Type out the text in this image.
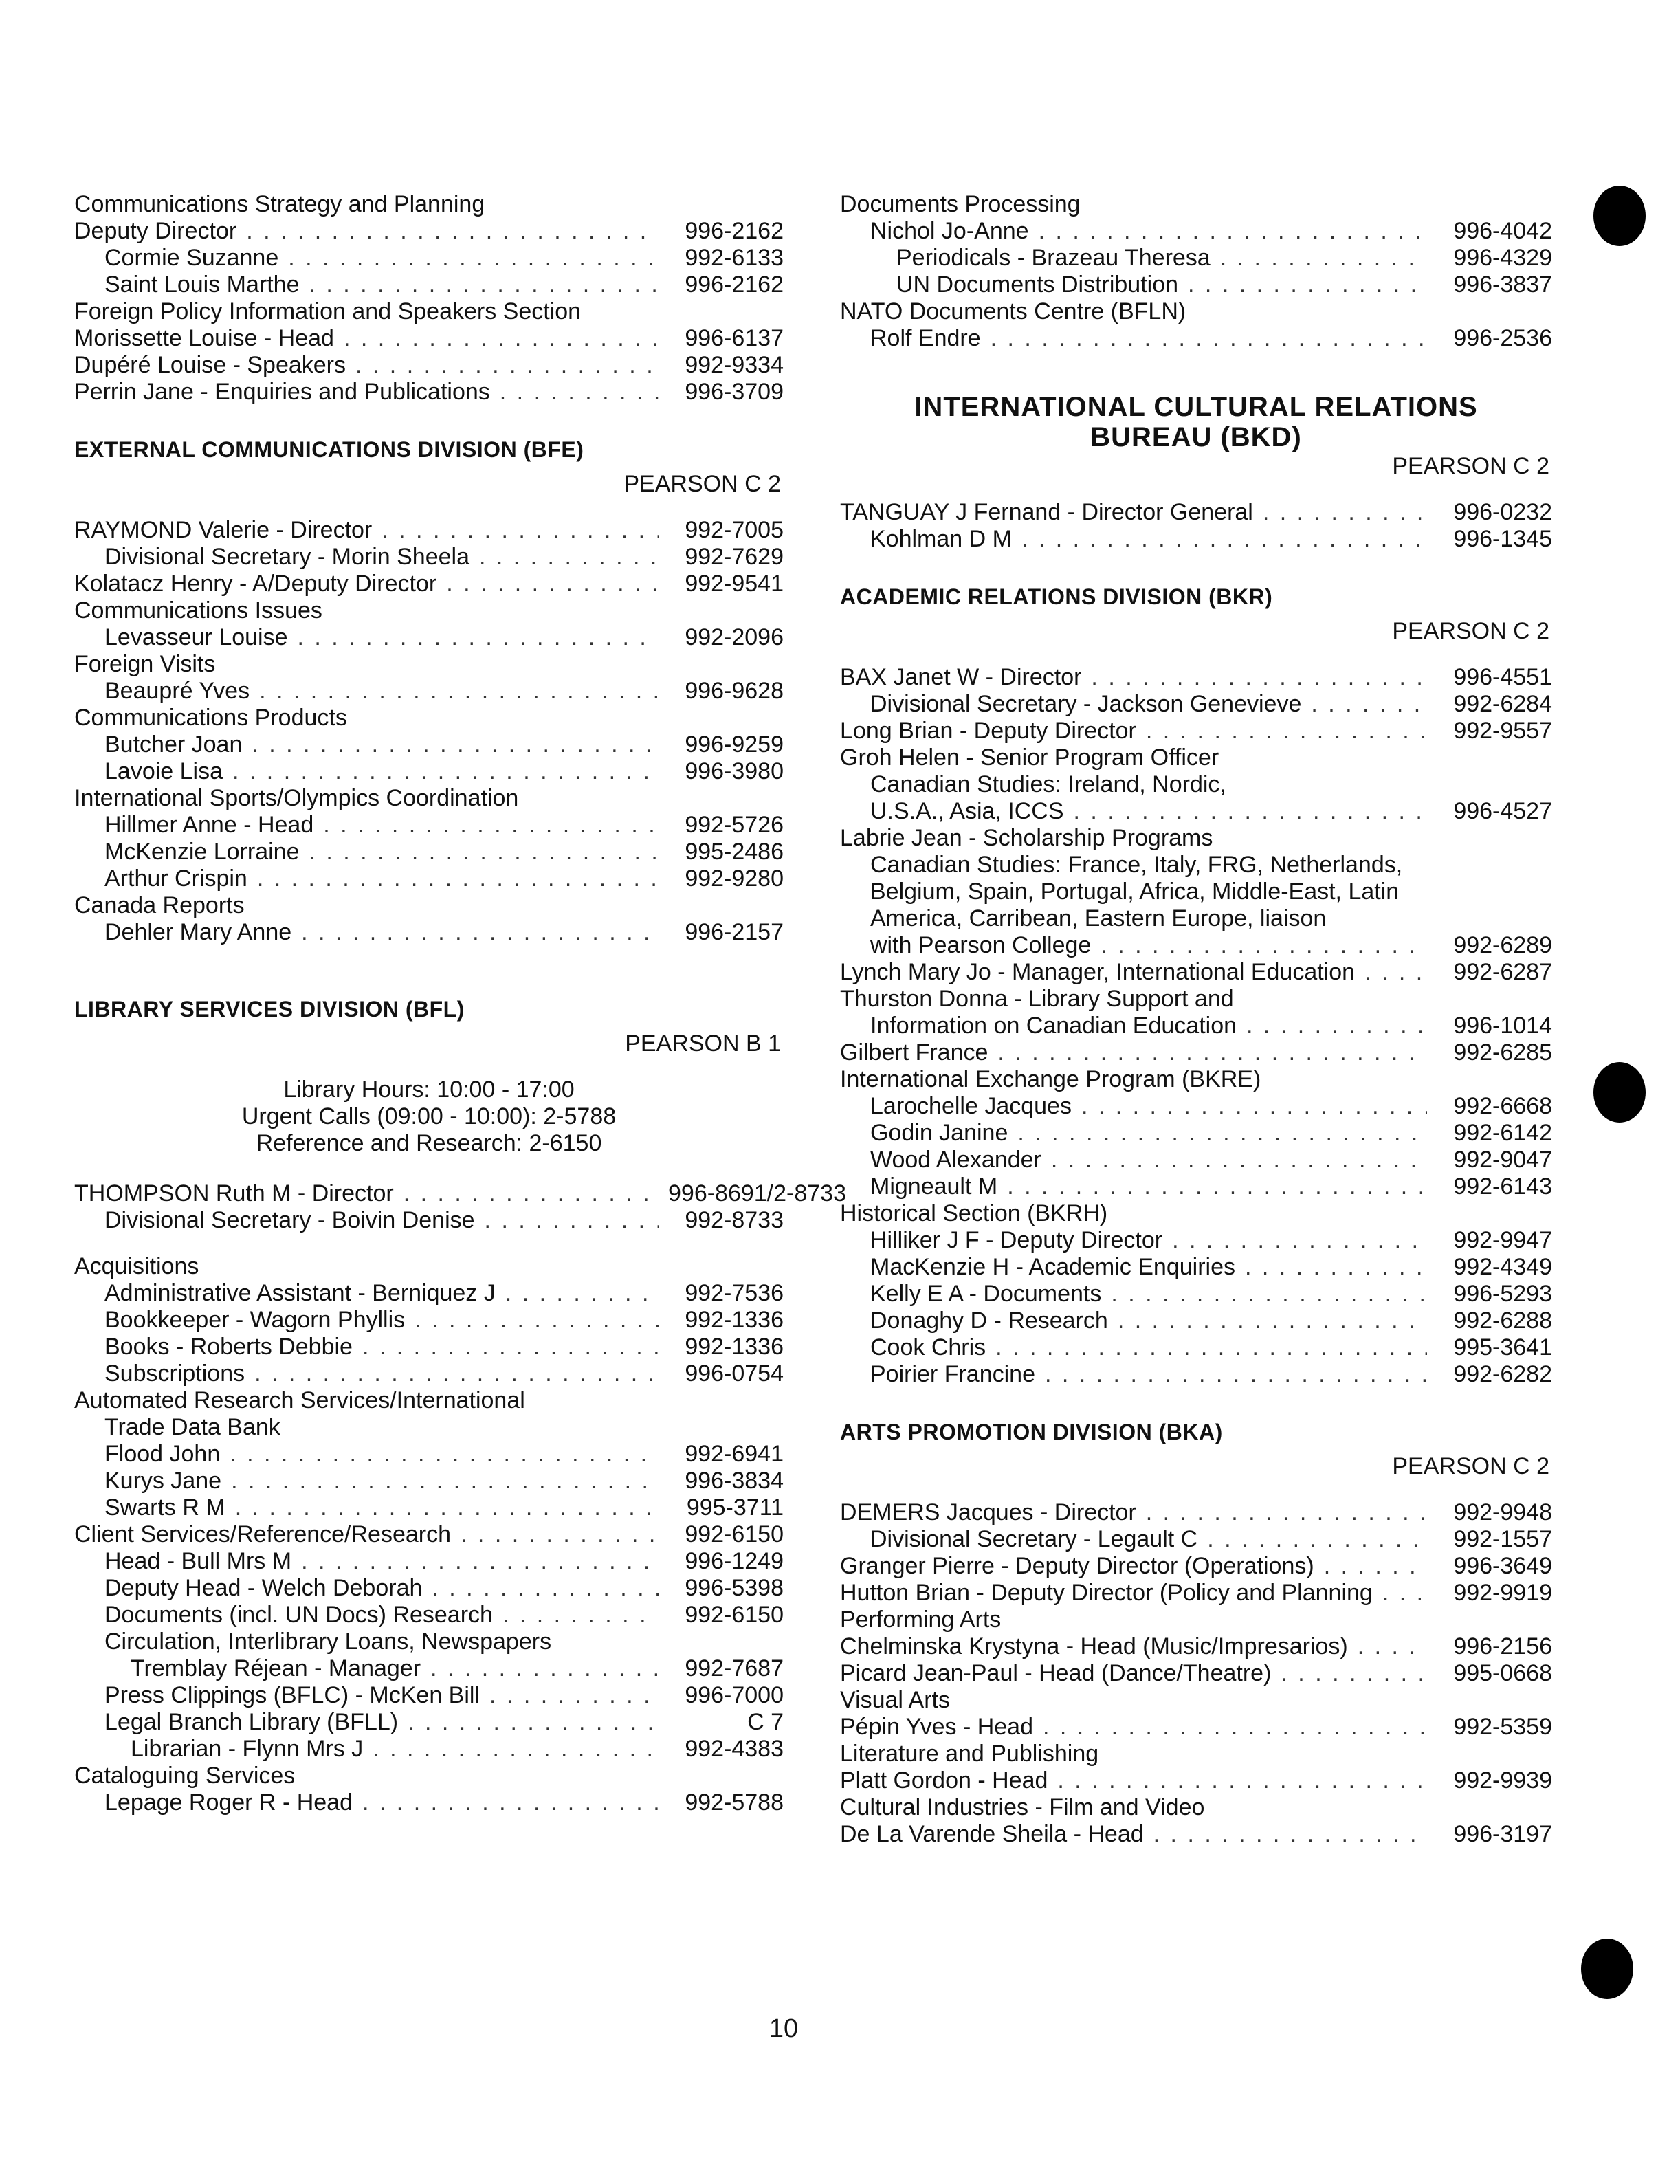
Communications Strategy and Planning
Deputy Director . . .	996-2162
Cormie Suzanne . . .	992-6133
Saint Louis Marthe . . .	996-2162
Foreign Policy Information and Speakers Section
Morissette Louise - Head . . .	996-6137
Dupéré Louise - Speakers . . .	992-9334
Perrin Jane - Enquiries and Publications . . .	996-3709
EXTERNAL COMMUNICATIONS DIVISION (BFE)
PEARSON C 2
RAYMOND Valerie - Director . . .	992-7005
Divisional Secretary - Morin Sheela . . .	992-7629
Kolatacz Henry - A/Deputy Director . . .	992-9541
Communications Issues
Levasseur Louise . . .	992-2096
Foreign Visits
Beaupré Yves . . .	996-9628
Communications Products
Butcher Joan . . .	996-9259
Lavoie Lisa . . .	996-3980
International Sports/Olympics Coordination
Hillmer Anne - Head . . .	992-5726
McKenzie Lorraine . . .	995-2486
Arthur Crispin . . .	992-9280
Canada Reports
Dehler Mary Anne . . .	996-2157
LIBRARY SERVICES DIVISION (BFL)
PEARSON B 1
Library Hours: 10:00 - 17:00
Urgent Calls (09:00 - 10:00): 2-5788
Reference and Research: 2-6150
THOMPSON Ruth M - Director . . .	996-8691/2-8733
Divisional Secretary - Boivin Denise . . .	992-8733
Acquisitions
Administrative Assistant - Berniquez J . . .	992-7536
Bookkeeper - Wagorn Phyllis . . .	992-1336
Books - Roberts Debbie . . .	992-1336
Subscriptions . . .	996-0754
Automated Research Services/International
Trade Data Bank
Flood John . . .	992-6941
Kurys Jane . . .	996-3834
Swarts R M . . .	995-3711
Client Services/Reference/Research . . .	992-6150
Head - Bull Mrs M . . .	996-1249
Deputy Head - Welch Deborah . . .	996-5398
Documents (incl. UN Docs) Research . . .	992-6150
Circulation, Interlibrary Loans, Newspapers
Tremblay Réjean - Manager . . .	992-7687
Press Clippings (BFLC) - McKen Bill . . .	996-7000
Legal Branch Library (BFLL) . . .	C 7
Librarian - Flynn Mrs J . . .	992-4383
Cataloguing Services
Lepage Roger R - Head . . .	992-5788
Documents Processing
Nichol Jo-Anne . . .	996-4042
Periodicals - Brazeau Theresa . . .	996-4329
UN Documents Distribution . . .	996-3837
NATO Documents Centre (BFLN)
Rolf Endre . . .	996-2536
INTERNATIONAL CULTURAL RELATIONS
BUREAU (BKD)
PEARSON C 2
TANGUAY J Fernand - Director General . . .	996-0232
Kohlman D M . . .	996-1345
ACADEMIC RELATIONS DIVISION (BKR)
PEARSON C 2
BAX Janet W - Director . . .	996-4551
Divisional Secretary - Jackson Genevieve . . .	992-6284
Long Brian - Deputy Director . . .	992-9557
Groh Helen - Senior Program Officer
Canadian Studies: Ireland, Nordic,
U.S.A., Asia, ICCS . . .	996-4527
Labrie Jean - Scholarship Programs
Canadian Studies: France, Italy, FRG, Netherlands,
Belgium, Spain, Portugal, Africa, Middle-East, Latin
America, Carribean, Eastern Europe, liaison
with Pearson College . . .	992-6289
Lynch Mary Jo - Manager, International Education . . .	992-6287
Thurston Donna - Library Support and
Information on Canadian Education . . .	996-1014
Gilbert France . . .	992-6285
International Exchange Program (BKRE)
Larochelle Jacques . . .	992-6668
Godin Janine . . .	992-6142
Wood Alexander . . .	992-9047
Migneault M . . .	992-6143
Historical Section (BKRH)
Hilliker J F - Deputy Director . . .	992-9947
MacKenzie H - Academic Enquiries . . .	992-4349
Kelly E A - Documents . . .	996-5293
Donaghy D - Research . . .	992-6288
Cook Chris . . .	995-3641
Poirier Francine . . .	992-6282
ARTS PROMOTION DIVISION (BKA)
PEARSON C 2
DEMERS Jacques - Director . . .	992-9948
Divisional Secretary - Legault C . . .	992-1557
Granger Pierre - Deputy Director (Operations) . . .	996-3649
Hutton Brian - Deputy Director (Policy and Planning . . .	992-9919
Performing Arts
Chelminska Krystyna - Head (Music/Impresarios) . . .	996-2156
Picard Jean-Paul - Head (Dance/Theatre) . . .	995-0668
Visual Arts
Pépin Yves - Head . . .	992-5359
Literature and Publishing
Platt Gordon - Head . . .	992-9939
Cultural Industries - Film and Video
De La Varende Sheila - Head . . .	996-3197
10
